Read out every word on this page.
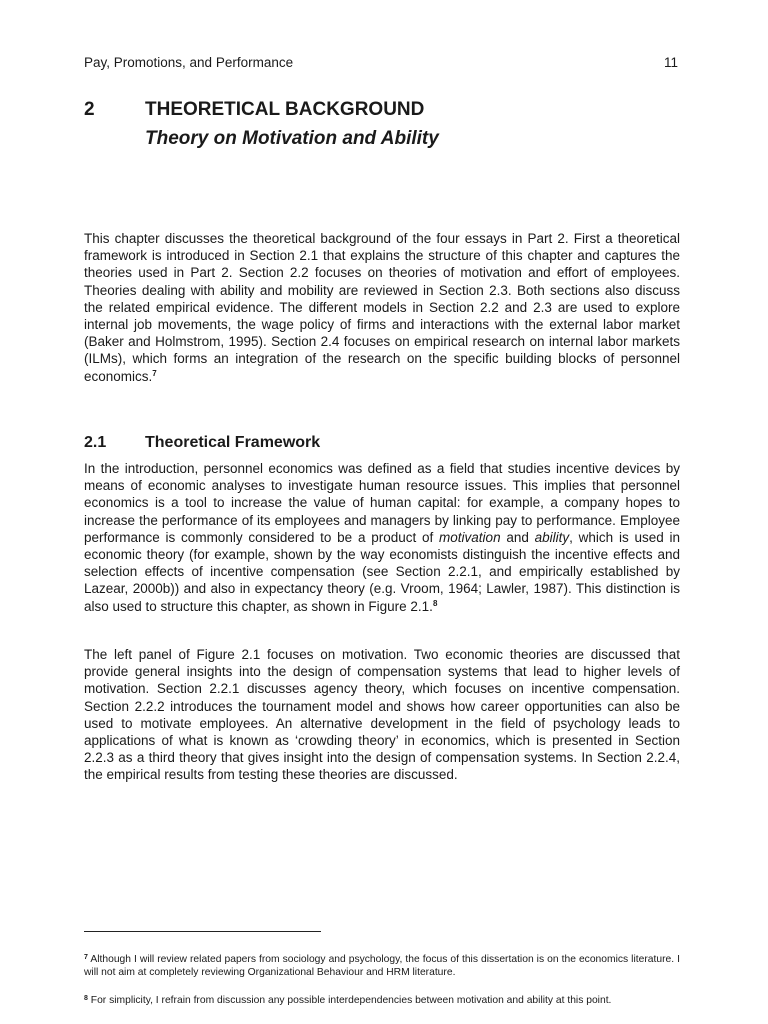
Pay, Promotions, and Performance	11
2	THEORETICAL BACKGROUND
Theory on Motivation and Ability

This chapter discusses the theoretical background of the four essays in Part 2. First a theoretical framework is introduced in Section 2.1 that explains the structure of this chapter and captures the theories used in Part 2. Section 2.2 focuses on theories of motivation and effort of employees. Theories dealing with ability and mobility are reviewed in Section 2.3. Both sections also discuss the related empirical evidence. The different models in Section 2.2 and 2.3 are used to explore internal job movements, the wage policy of firms and interactions with the external labor market (Baker and Holmstrom, 1995). Section 2.4 focuses on empirical research on internal labor markets (ILMs), which forms an integration of the research on the specific building blocks of personnel economics.$^7$

2.1 Theoretical Framework

In the introduction, personnel economics was defined as a field that studies incentive devices by means of economic analyses to investigate human resource issues. This implies that personnel economics is a tool to increase the value of human capital: for example, a company hopes to increase the performance of its employees and managers by linking pay to performance. Employee performance is commonly considered to be a product of motivation and ability, which is used in economic theory (for example, shown by the way economists distinguish the incentive effects and selection effects of incentive compensation (see Section 2.2.1, and empirically established by Lazear, 2000b)) and also in expectancy theory (e.g. Vroom, 1964; Lawler, 1987). This distinction is also used to structure this chapter, as shown in Figure 2.1.$^8$

The left panel of Figure 2.1 focuses on motivation. Two economic theories are discussed that provide general insights into the design of compensation systems that lead to higher levels of motivation. Section 2.2.1 discusses agency theory, which focuses on incentive compensation. Section 2.2.2 introduces the tournament model and shows how career opportunities can also be used to motivate employees. An alternative development in the field of psychology leads to applications of what is known as ‘crowding theory’ in economics, which is presented in Section 2.2.3 as a third theory that gives insight into the design of compensation systems. In Section 2.2.4, the empirical results from testing these theories are discussed.

$^7$ Although I will review related papers from sociology and psychology, the focus of this dissertation is on the economics literature. I will not aim at completely reviewing Organizational Behaviour and HRM literature.

$^8$ For simplicity, I refrain from discussion any possible interdependencies between motivation and ability at this point.
